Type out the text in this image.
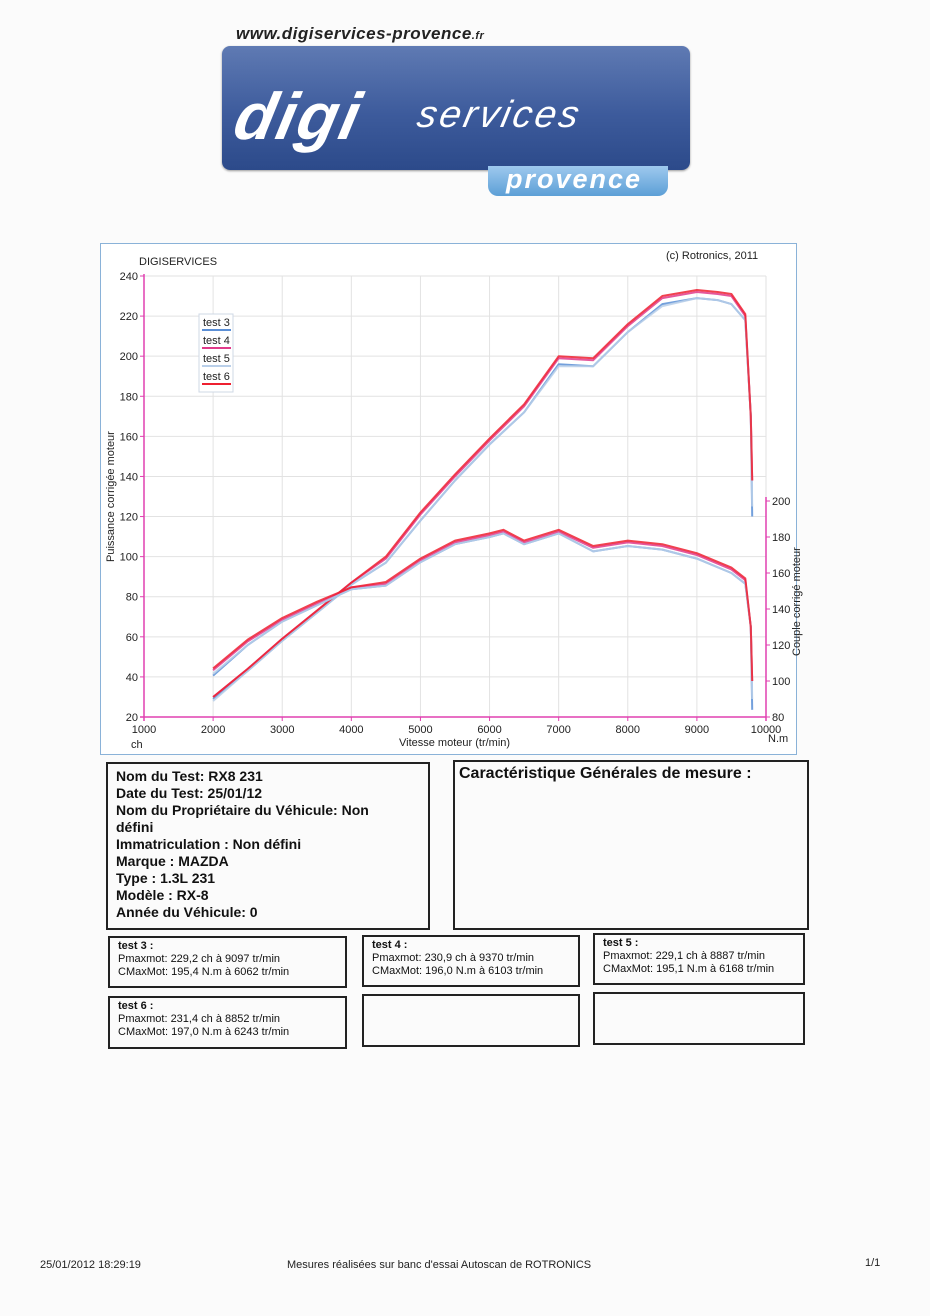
www.digiservices-provence.fr
digi services
provence
DIGISERVICES	(c) Rotronics, 2011
Vitesse moteur (tr/min)
ch	N.m
Puissance corrigée moteur
Couple corrigé moteur
1000	2000	3000	4000	5000	6000	7000	8000	9000	10000
20
40
60
80
100
120
140
160
180
200
220
240
80
100
120
140
160
180
200
test 3
test 4
test 5
test 6
Nom du Test: RX8 231
Date du Test: 25/01/12
Nom du Propriétaire du Véhicule: Non
défini
Immatriculation : Non défini
Marque : MAZDA
Type : 1.3L 231
Modèle : RX-8
Année du Véhicule: 0
Caractéristique Générales de mesure :
test 3 :
Pmaxmot: 229,2 ch à 9097 tr/min
CMaxMot: 195,4 N.m à 6062 tr/min
test 4 :
Pmaxmot: 230,9 ch à 9370 tr/min
CMaxMot: 196,0 N.m à 6103 tr/min
test 5 :
Pmaxmot: 229,1 ch à 8887 tr/min
CMaxMot: 195,1 N.m à 6168 tr/min
test 6 :
Pmaxmot: 231,4 ch à 8852 tr/min
CMaxMot: 197,0 N.m à 6243 tr/min
25/01/2012 18:29:19	Mesures réalisées sur banc d'essai Autoscan de ROTRONICS	1/1
